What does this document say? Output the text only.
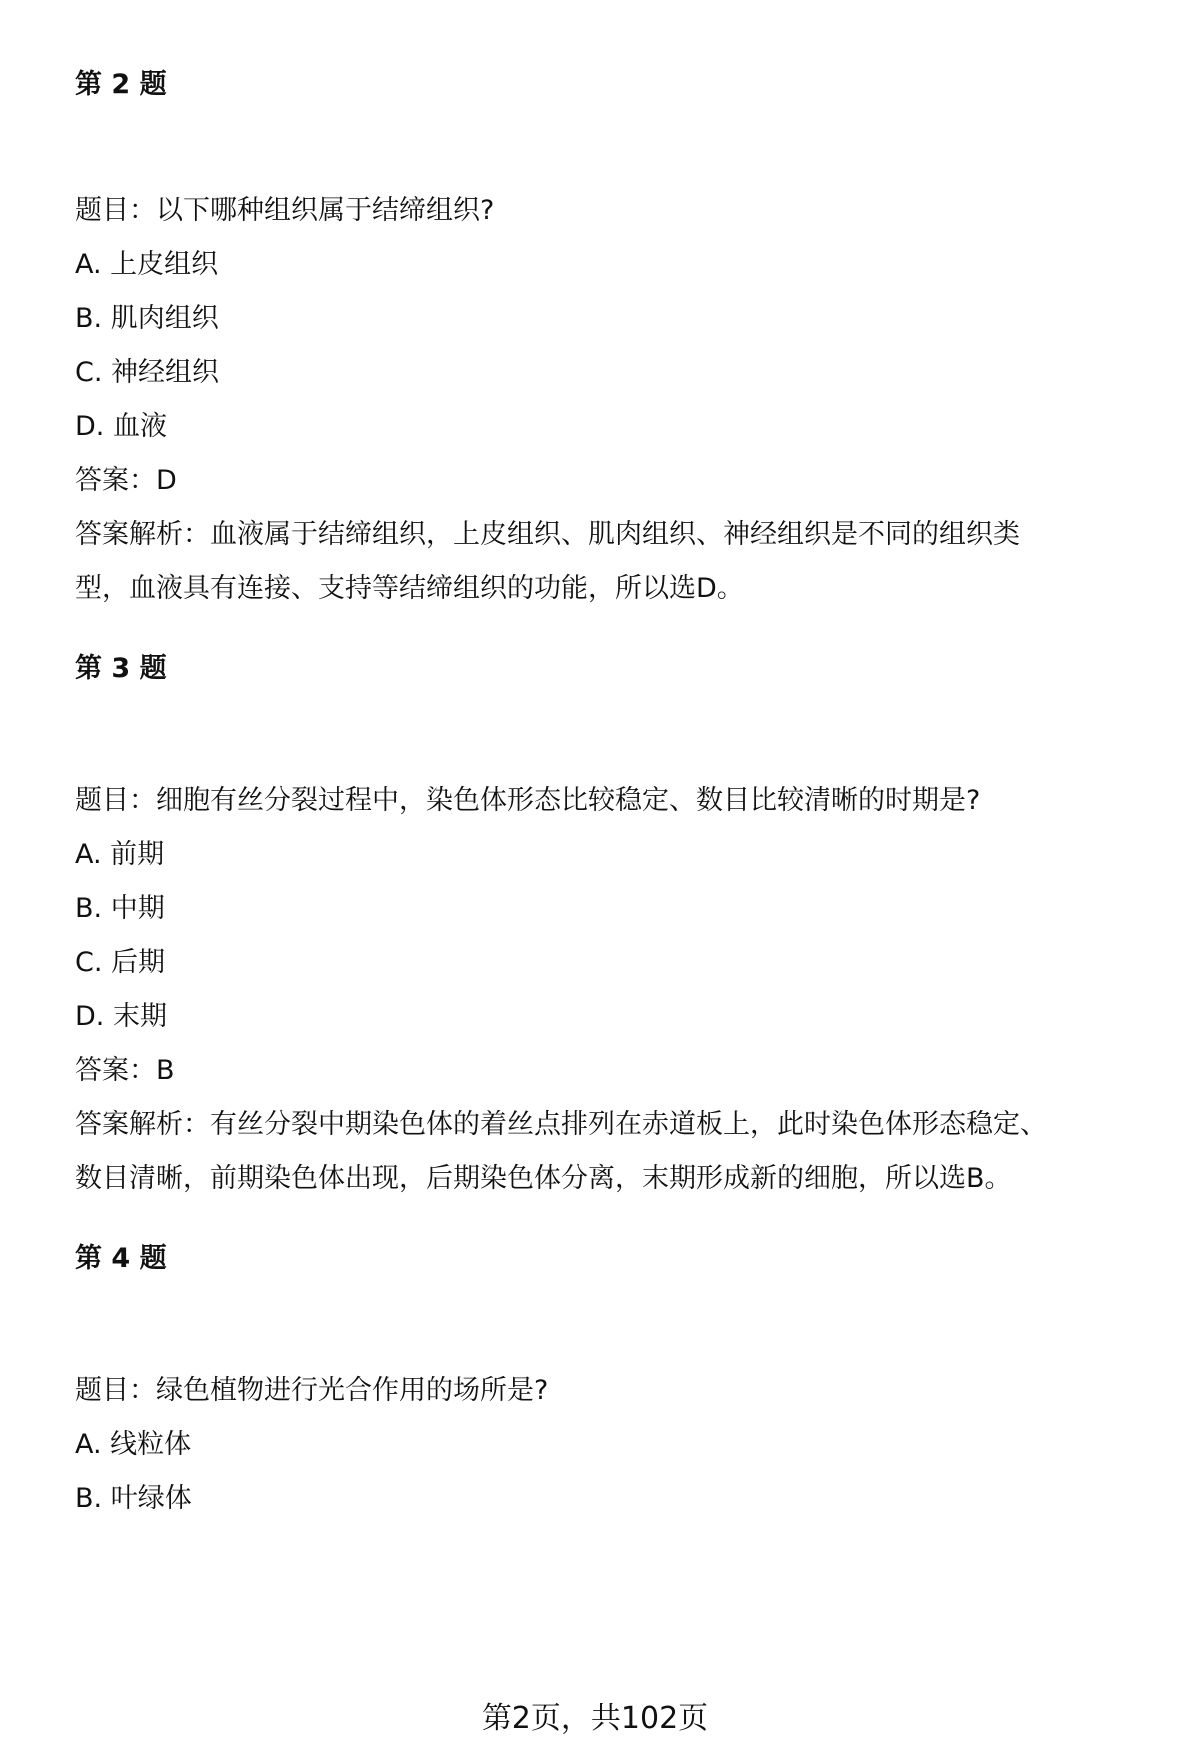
第 2 题
题目：以下哪种组织属于结缔组织?
A. 上皮组织
B. 肌肉组织
C. 神经组织
D. 血液
答案：D
答案解析：血液属于结缔组织，上皮组织、肌肉组织、神经组织是不同的组织类
型，血液具有连接、支持等结缔组织的功能，所以选D。
第 3 题
题目：细胞有丝分裂过程中，染色体形态比较稳定、数目比较清晰的时期是?
A. 前期
B. 中期
C. 后期
D. 末期
答案：B
答案解析：有丝分裂中期染色体的着丝点排列在赤道板上，此时染色体形态稳定、
数目清晰，前期染色体出现，后期染色体分离，末期形成新的细胞，所以选B。
第 4 题
题目：绿色植物进行光合作用的场所是?
A. 线粒体
B. 叶绿体
第2页，共102页
